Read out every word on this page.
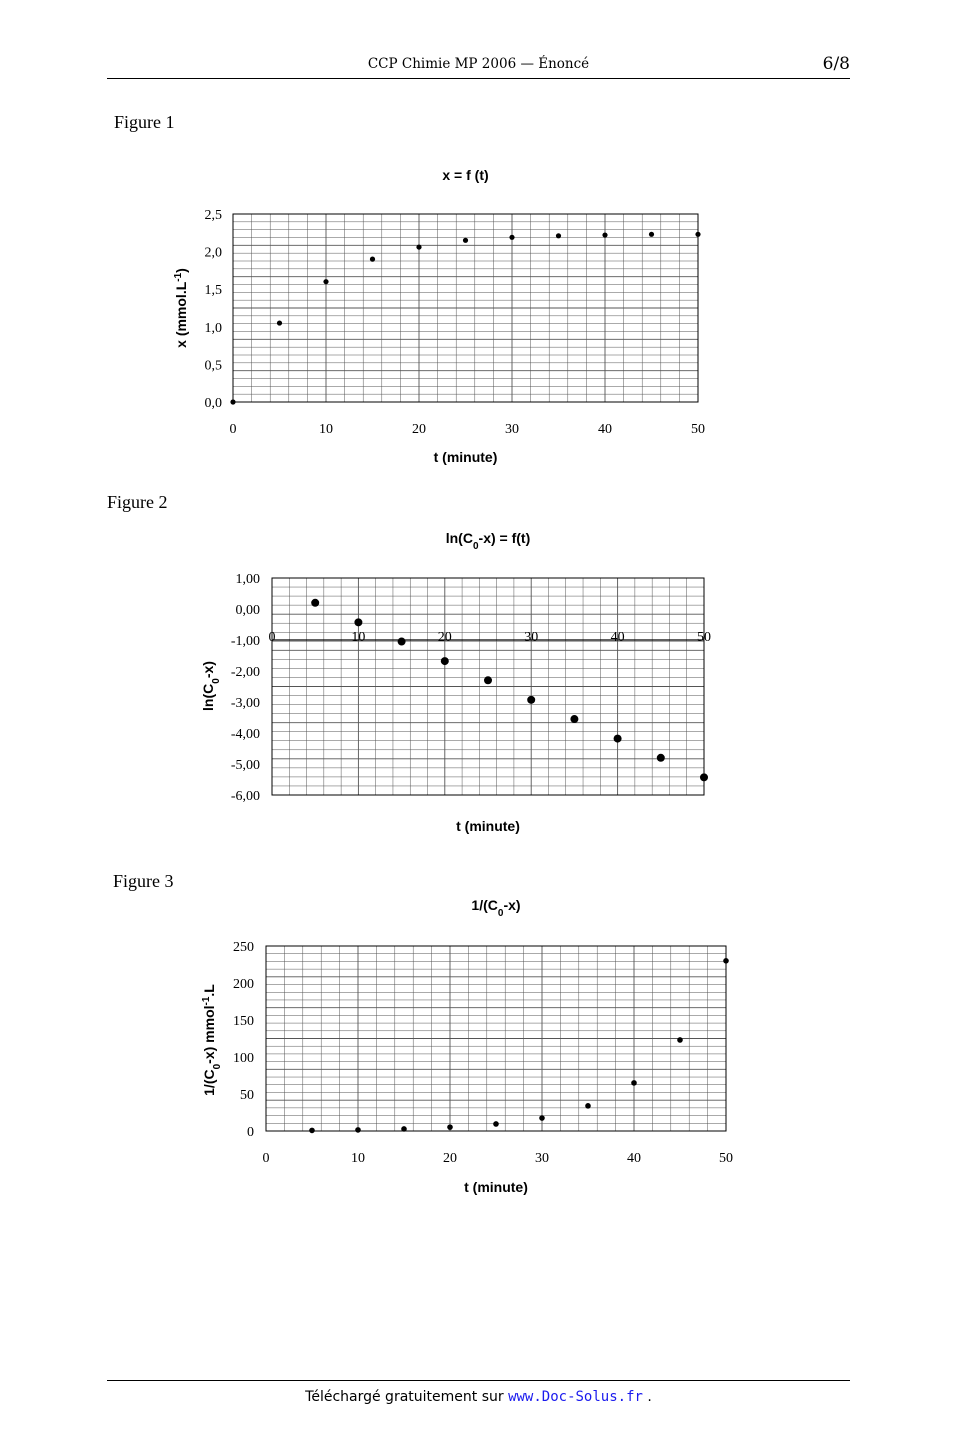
CCP Chimie MP 2006 — Énoncé	6/8
Figure 1
Figure 2
Figure 3
x = f (t)
0	10	20	30	40	50
0,0
0,5
1,0
1,5
2,0
2,5
t (minute)
x $(mmol.L^{-1})$
$\ln(C_0-x) = f(t)$
0	10	20	30	40	50
1,00
0,00
-1,00
-2,00
-3,00
-4,00
-5,00
-6,00
t (minute)
$\ln(C_0-x)$
$1/(C_0-x)$
0	10	20	30	40	50
0
50
100
150
200
250
t (minute)
$1/(C_0-x)$ mmol$^{-1}$.L
Téléchargé gratuitement sur www.Doc-Solus.fr .
